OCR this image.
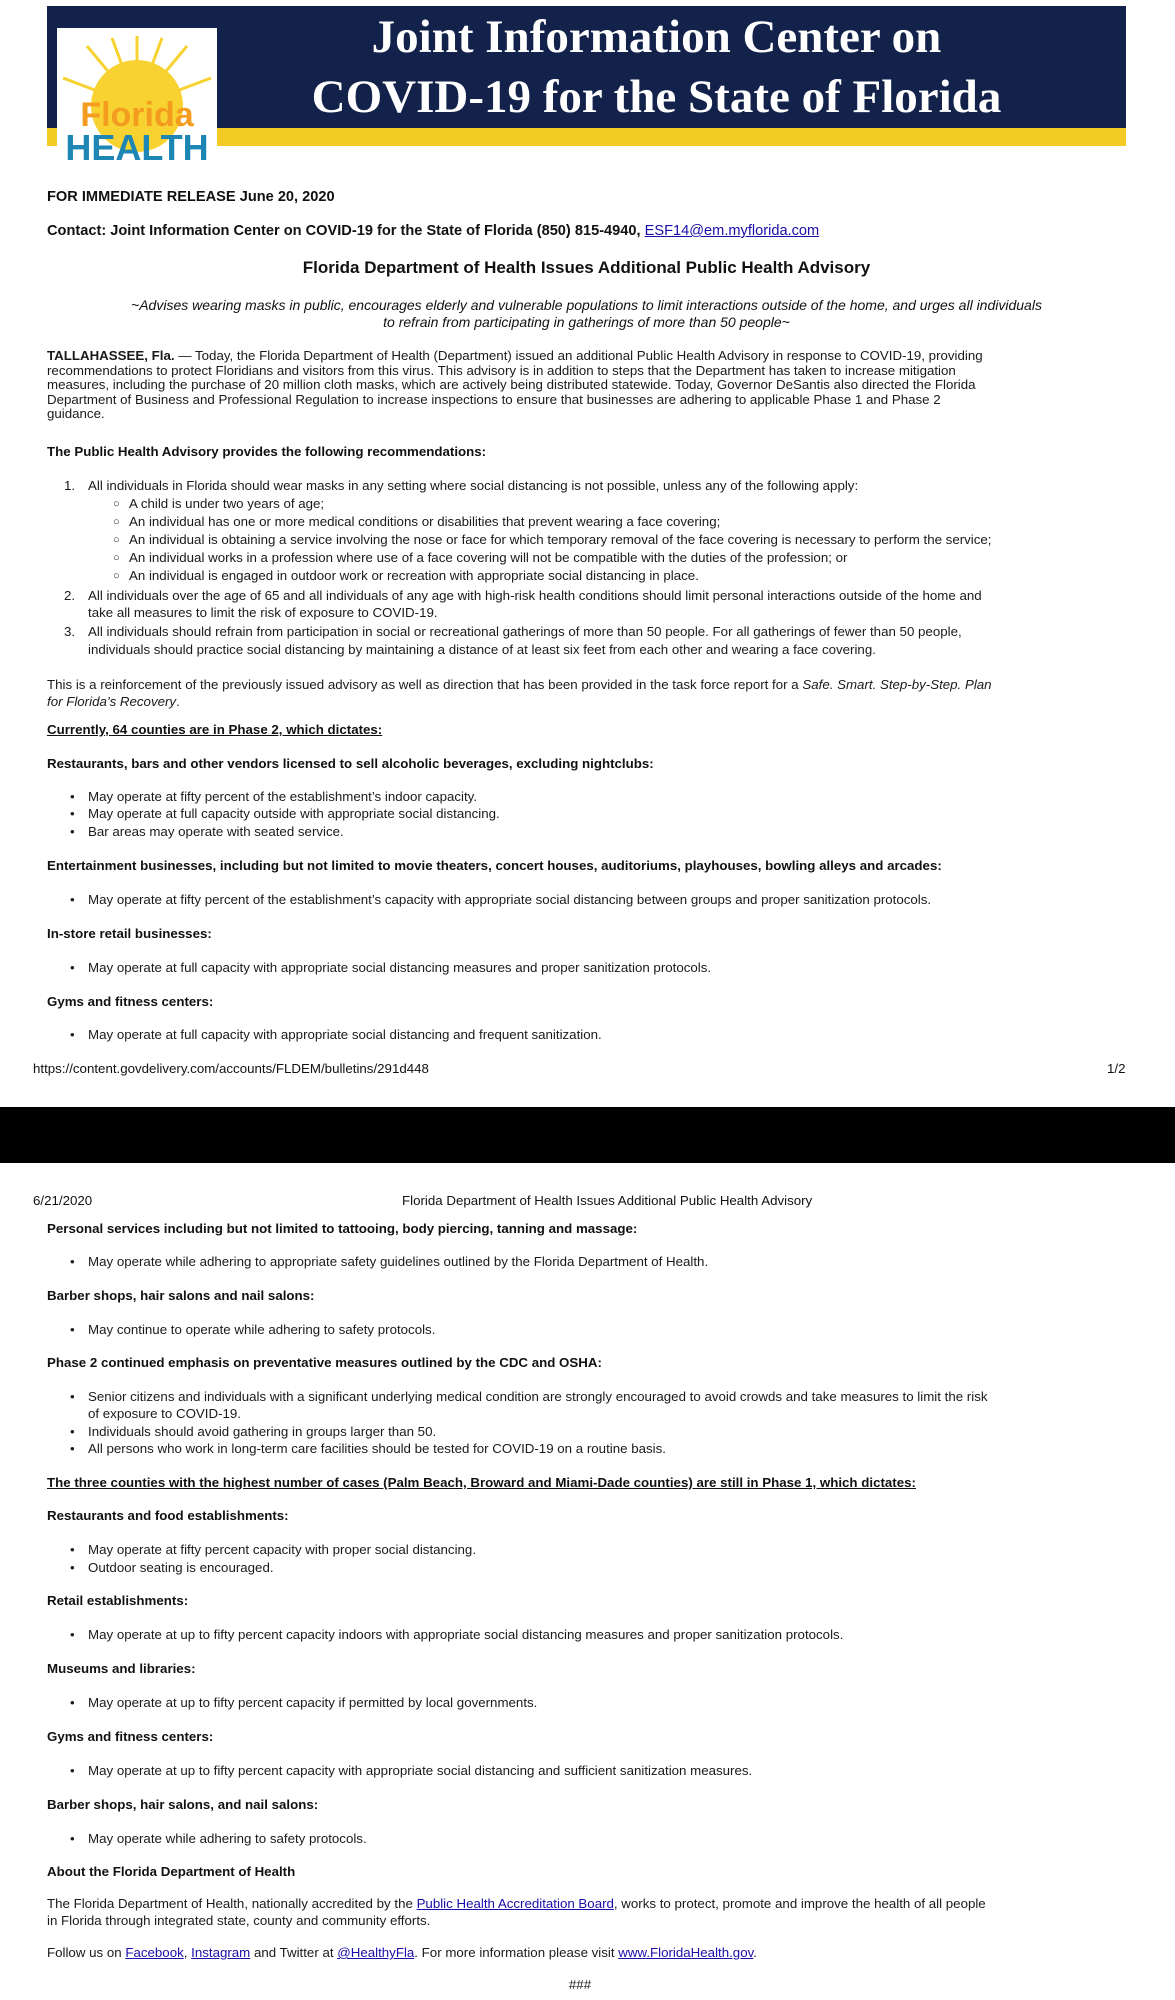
Florida
HEALTH
Joint Information Center on
COVID-19 for the State of Florida
FOR IMMEDIATE RELEASE June 20, 2020
Contact: Joint Information Center on COVID-19 for the State of Florida (850) 815-4940, ESF14@em.myflorida.com
Florida Department of Health Issues Additional Public Health Advisory
~Advises wearing masks in public, encourages elderly and vulnerable populations to limit interactions outside of the home, and urges all individuals
to refrain from participating in gatherings of more than 50 people~
TALLAHASSEE, Fla. — Today, the Florida Department of Health (Department) issued an additional Public Health Advisory in response to COVID-19, providing
recommendations to protect Floridians and visitors from this virus. This advisory is in addition to steps that the Department has taken to increase mitigation
measures, including the purchase of 20 million cloth masks, which are actively being distributed statewide. Today, Governor DeSantis also directed the Florida
Department of Business and Professional Regulation to increase inspections to ensure that businesses are adhering to applicable Phase 1 and Phase 2
guidance.
The Public Health Advisory provides the following recommendations:
1. All individuals in Florida should wear masks in any setting where social distancing is not possible, unless any of the following apply:
○ A child is under two years of age;
○ An individual has one or more medical conditions or disabilities that prevent wearing a face covering;
○ An individual is obtaining a service involving the nose or face for which temporary removal of the face covering is necessary to perform the service;
○ An individual works in a profession where use of a face covering will not be compatible with the duties of the profession; or
○ An individual is engaged in outdoor work or recreation with appropriate social distancing in place.
2. All individuals over the age of 65 and all individuals of any age with high-risk health conditions should limit personal interactions outside of the home and
take all measures to limit the risk of exposure to COVID-19.
3. All individuals should refrain from participation in social or recreational gatherings of more than 50 people. For all gatherings of fewer than 50 people,
individuals should practice social distancing by maintaining a distance of at least six feet from each other and wearing a face covering.
This is a reinforcement of the previously issued advisory as well as direction that has been provided in the task force report for a Safe. Smart. Step-by-Step. Plan
for Florida’s Recovery.
Currently, 64 counties are in Phase 2, which dictates:
Restaurants, bars and other vendors licensed to sell alcoholic beverages, excluding nightclubs:
• May operate at fifty percent of the establishment’s indoor capacity.
• May operate at full capacity outside with appropriate social distancing.
• Bar areas may operate with seated service.
Entertainment businesses, including but not limited to movie theaters, concert houses, auditoriums, playhouses, bowling alleys and arcades:
• May operate at fifty percent of the establishment’s capacity with appropriate social distancing between groups and proper sanitization protocols.
In-store retail businesses:
• May operate at full capacity with appropriate social distancing measures and proper sanitization protocols.
Gyms and fitness centers:
• May operate at full capacity with appropriate social distancing and frequent sanitization.
https://content.govdelivery.com/accounts/FLDEM/bulletins/291d448	1/2
6/21/2020	Florida Department of Health Issues Additional Public Health Advisory
Personal services including but not limited to tattooing, body piercing, tanning and massage:
• May operate while adhering to appropriate safety guidelines outlined by the Florida Department of Health.
Barber shops, hair salons and nail salons:
• May continue to operate while adhering to safety protocols.
Phase 2 continued emphasis on preventative measures outlined by the CDC and OSHA:
• Senior citizens and individuals with a significant underlying medical condition are strongly encouraged to avoid crowds and take measures to limit the risk
of exposure to COVID-19.
• Individuals should avoid gathering in groups larger than 50.
• All persons who work in long-term care facilities should be tested for COVID-19 on a routine basis.
The three counties with the highest number of cases (Palm Beach, Broward and Miami-Dade counties) are still in Phase 1, which dictates:
Restaurants and food establishments:
• May operate at fifty percent capacity with proper social distancing.
• Outdoor seating is encouraged.
Retail establishments:
• May operate at up to fifty percent capacity indoors with appropriate social distancing measures and proper sanitization protocols.
Museums and libraries:
• May operate at up to fifty percent capacity if permitted by local governments.
Gyms and fitness centers:
• May operate at up to fifty percent capacity with appropriate social distancing and sufficient sanitization measures.
Barber shops, hair salons, and nail salons:
• May operate while adhering to safety protocols.
About the Florida Department of Health
The Florida Department of Health, nationally accredited by the Public Health Accreditation Board, works to protect, promote and improve the health of all people
in Florida through integrated state, county and community efforts.
Follow us on Facebook, Instagram and Twitter at @HealthyFla. For more information please visit www.FloridaHealth.gov.
###
